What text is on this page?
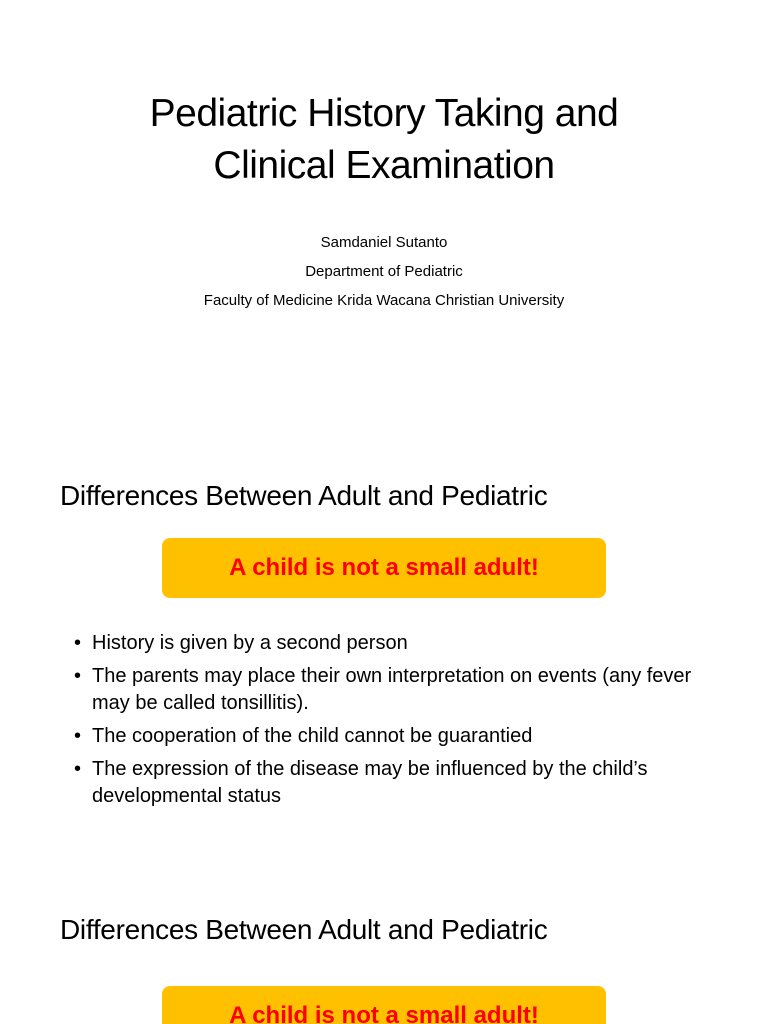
Pediatric History Taking and
Clinical Examination
Samdaniel Sutanto
Department of Pediatric
Faculty of Medicine Krida Wacana Christian University
Differences Between Adult and Pediatric
A child is not a small adult!
• History is given by a second person
• The parents may place their own interpretation on events (any fever may be called tonsillitis).
• The cooperation of the child cannot be guarantied
• The expression of the disease may be influenced by the child’s developmental status
Differences Between Adult and Pediatric
A child is not a small adult!
